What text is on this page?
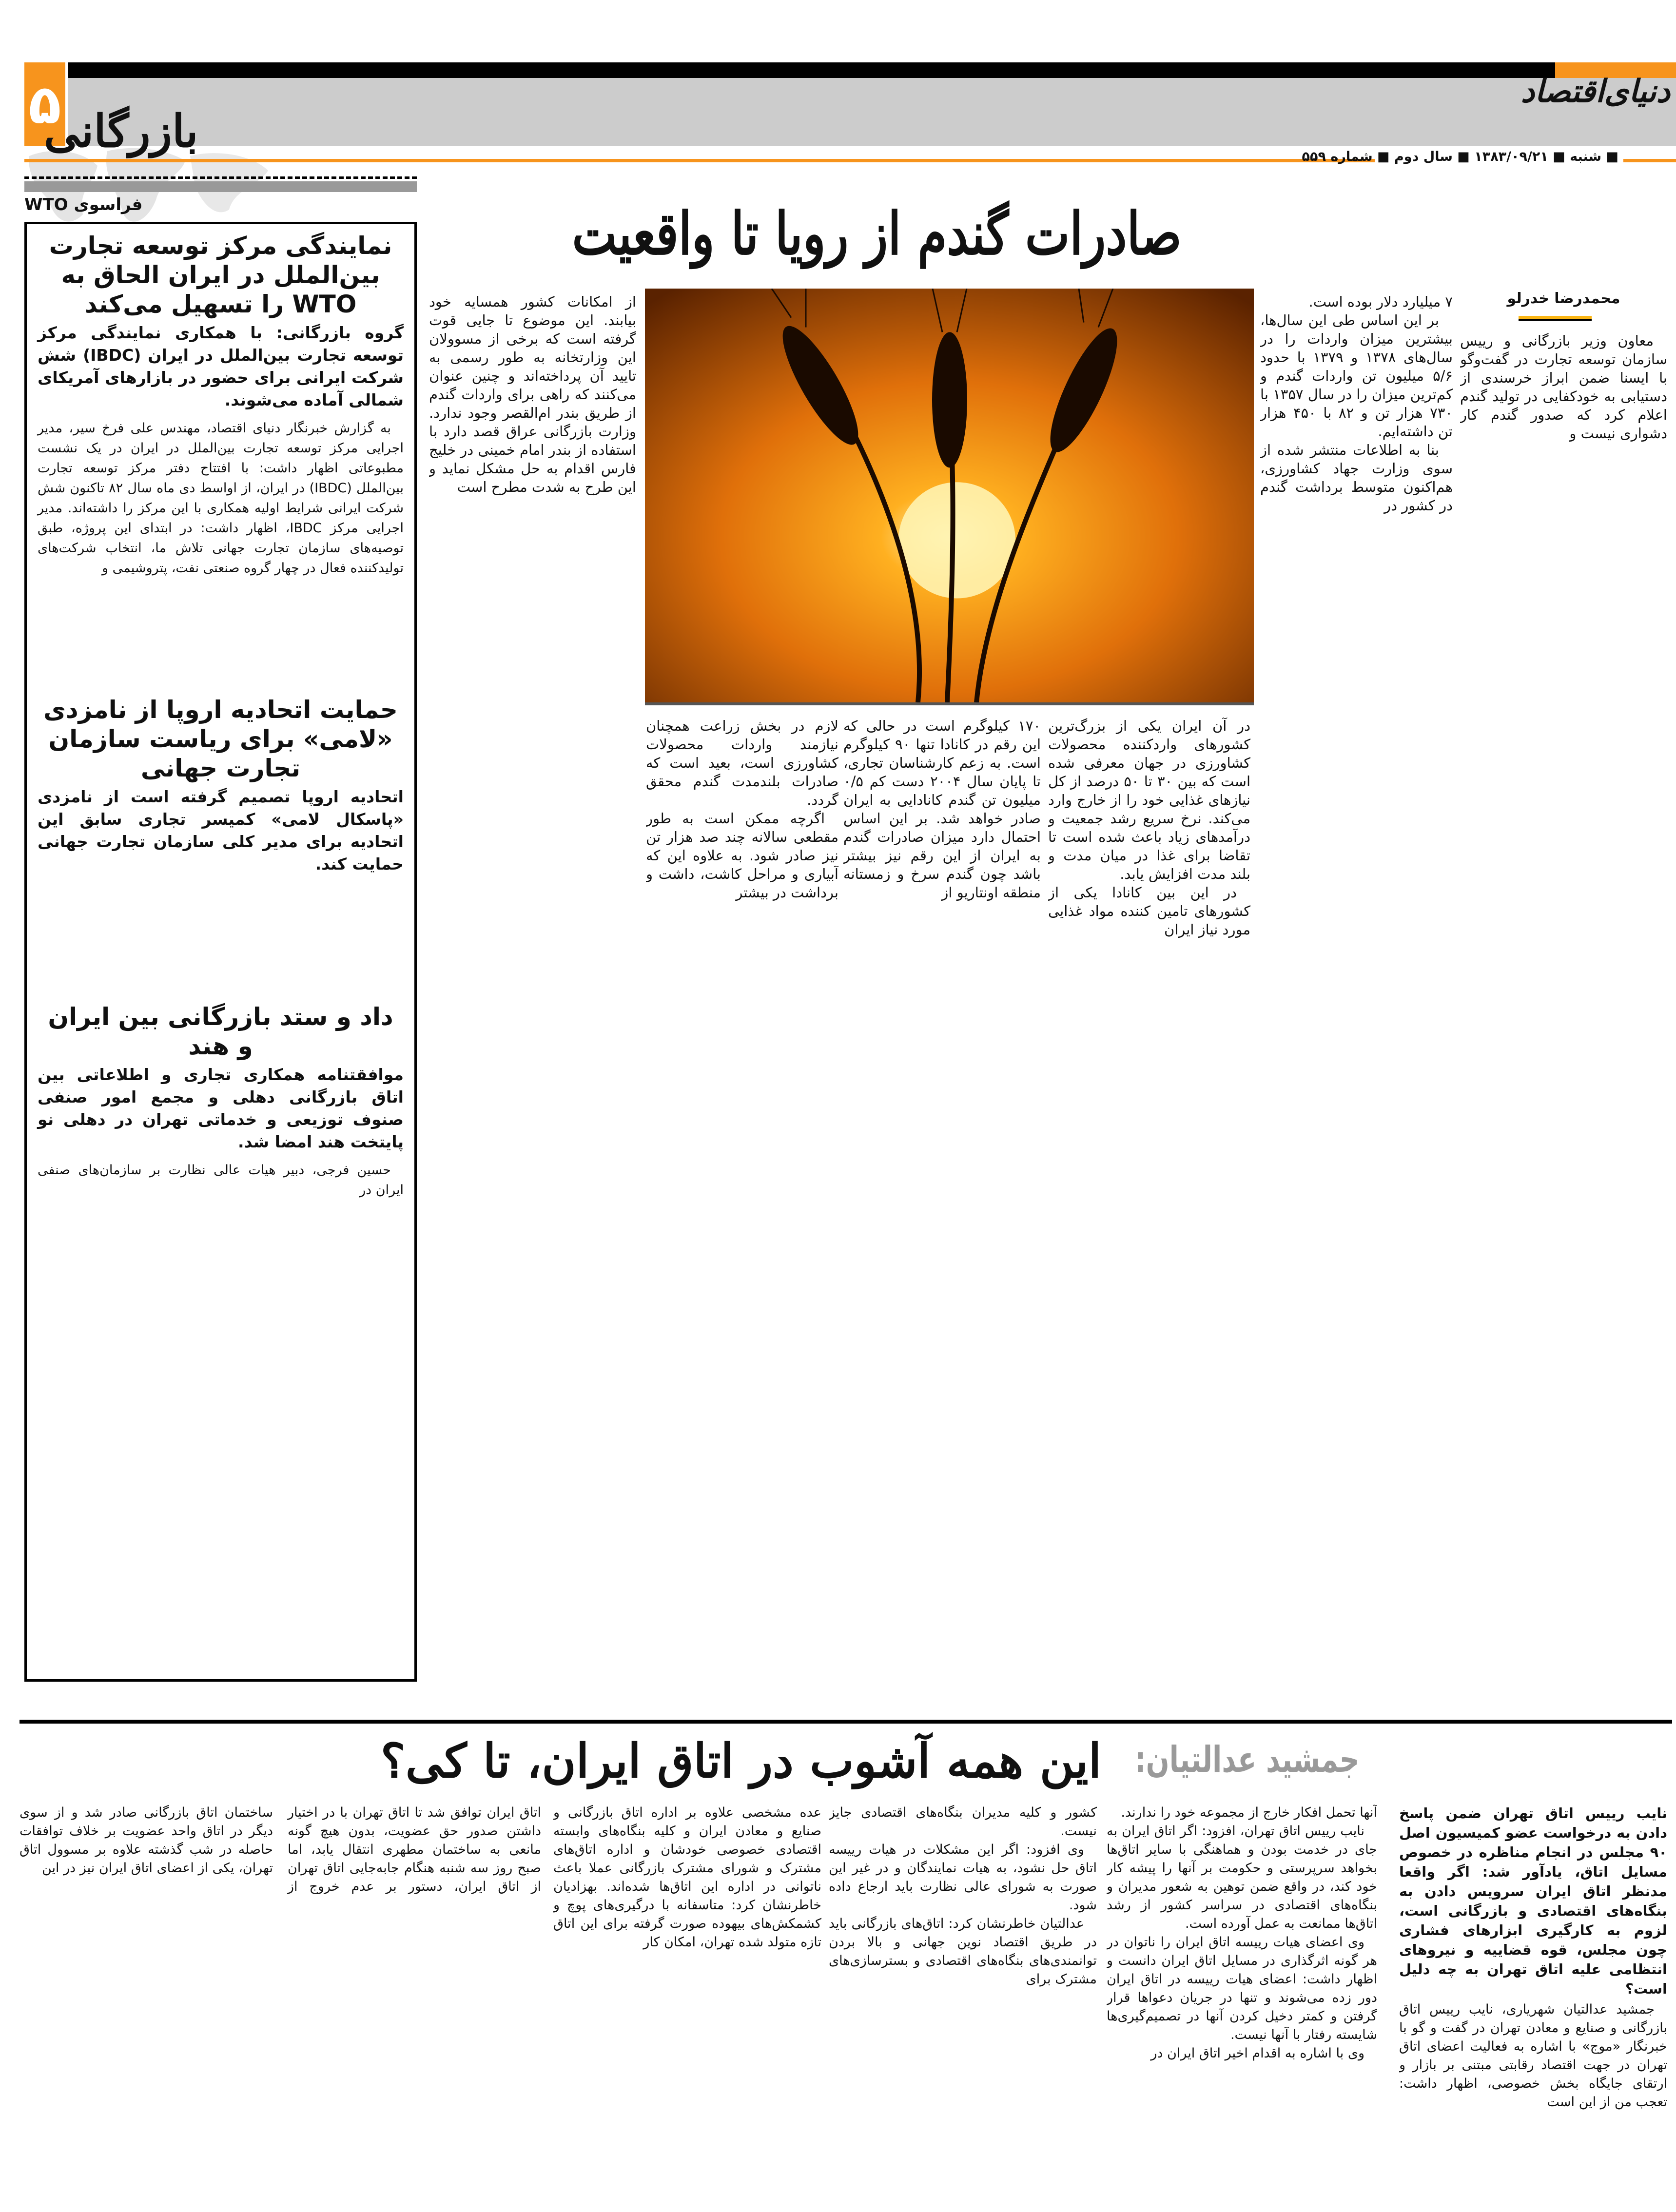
۵	دنیای‌اقتصاد
بازرگانی	■ شنبه ■ ۱۳۸۳/۰۹/۲۱ ■ سال دوم ■ شماره ۵۵۹
فراسوی WTO
نمایندگی مرکز توسعه تجارت بین‌الملل در ایران الحاق به WTO را تسهیل می‌کند
گروه بازرگانی: با همکاری نمایندگی مرکز توسعه تجارت بین‌الملل در ایران (IBDC) شش شرکت ایرانی برای حضور در بازارهای آمریکای شمالی آماده می‌شوند.
به گزارش خبرنگار دنیای اقتصاد، مهندس علی فرخ سیر، مدیر اجرایی مرکز توسعه تجارت بین‌الملل در ایران در یک نشست مطبوعاتی اظهار داشت: با افتتاح دفتر مرکز توسعه تجارت بین‌الملل (IBDC) در ایران، از اواسط دی ماه سال ۸۲ تاکنون شش شرکت ایرانی شرایط اولیه همکاری با این مرکز را داشته‌اند. مدیر اجرایی مرکز IBDC، اظهار داشت: در ابتدای این پروژه، طبق توصیه‌های سازمان تجارت جهانی تلاش ما، انتخاب شرکت‌های تولیدکننده فعال در چهار گروه صنعتی نفت، پتروشیمی و
حمایت اتحادیه اروپا از نامزدی «لامی» برای ریاست سازمان تجارت جهانی
اتحادیه اروپا تصمیم گرفته است از نامزدی «پاسکال لامی» کمیسر تجاری سابق این اتحادیه برای مدیر کلی سازمان تجارت جهانی حمایت کند.
داد و ستد بازرگانی بین ایران و هند
موافقتنامه همکاری تجاری و اطلاعاتی بین اتاق بازرگانی دهلی و مجمع امور صنفی صنوف توزیعی و خدماتی تهران در دهلی نو پایتخت هند امضا شد.
حسین فرجی، دبیر هیات عالی نظارت بر سازمان‌های صنفی ایران در
صادرات گندم از رویا تا واقعیت
محمدرضا خدرلو

معاون وزیر بازرگانی و رییس سازمان توسعه تجارت در گفت‌وگو با ایسنا ضمن ابراز خرسندی از دستیابی به خودکفایی در تولید گندم اعلام کرد که صدور گندم کار دشواری نیست و

۷ میلیارد دلار بوده است.

بر این اساس طی این سال‌ها، بیشترین میزان واردات را در سال‌های ۱۳۷۸ و ۱۳۷۹ با حدود ۵/۶ میلیون تن واردات گندم و کم‌ترین میزان را در سال ۱۳۵۷ با ۷۳۰ هزار تن و ۸۲ با ۴۵۰ هزار تن داشته‌ایم.

بنا به اطلاعات منتشر شده از سوی وزارت جهاد کشاورزی، هم‌اکنون متوسط برداشت گندم در کشور در

در آن ایران یکی از بزرگ‌ترین کشورهای واردکننده محصولات کشاورزی در جهان معرفی شده است که بین ۳۰ تا ۵۰ درصد از کل نیازهای غذایی خود را از خارج وارد می‌کند. نرخ سریع رشد جمعیت و درآمدهای زیاد باعث شده است تا تقاضا برای غذا در میان مدت و بلند مدت افزایش یابد.

در این بین کانادا یکی از کشورهای تامین کننده مواد غذایی مورد نیاز ایران

۱۷۰ کیلوگرم است در حالی که این رقم در کانادا تنها ۹۰ کیلوگرم است. به زعم کارشناسان تجاری، تا پایان سال ۲۰۰۴ دست کم ۰/۵ میلیون تن گندم کانادایی به ایران صادر خواهد شد. بر این اساس احتمال دارد میزان صادرات گندم به ایران از این رقم نیز بیشتر باشد چون گندم سرخ و زمستانه منطقه اونتاریو از

لازم در بخش زراعت همچنان نیازمند واردات محصولات کشاورزی است، بعید است که صادرات بلندمدت گندم محقق گردد.

اگرچه ممکن است به طور مقطعی سالانه چند صد هزار تن نیز صادر شود. به علاوه این که آبیاری و مراحل کاشت، داشت و برداشت در بیشتر

از امکانات کشور همسایه خود بیابند. این موضوع تا جایی قوت گرفته است که برخی از مسوولان این وزارتخانه به طور رسمی به تایید آن پرداخته‌اند و چنین عنوان می‌کنند که راهی برای واردات گندم از طریق بندر ام‌القصر وجود ندارد. وزارت بازرگانی عراق قصد دارد با استفاده از بندر امام خمینی در خلیج فارس اقدام به حل مشکل نماید و این طرح به شدت مطرح است

جمشید عدالتیان:
این همه آشوب در اتاق ایران، تا کی؟
نایب رییس اتاق تهران ضمن پاسخ دادن به درخواست عضو کمیسیون اصل ۹۰ مجلس در انجام مناظره در خصوص مسایل اتاق، یادآور شد: اگر واقعا مدنظر اتاق ایران سرویس دادن به بنگاه‌های اقتصادی و بازرگانی است، لزوم به کارگیری ابزارهای فشاری چون مجلس، قوه قضاییه و نیروهای انتظامی علیه اتاق تهران به چه دلیل است؟

جمشید عدالتیان شهریاری، نایب رییس اتاق بازرگانی و صنایع و معادن تهران در گفت و گو با خبرنگار «موج» با اشاره به فعالیت اعضای اتاق تهران در جهت اقتصاد رقابتی مبتنی بر بازار و ارتقای جایگاه بخش خصوصی، اظهار داشت: تعجب من از این است

آنها تحمل افکار خارج از مجموعه خود را ندارند.

نایب رییس اتاق تهران، افزود: اگر اتاق ایران به جای در خدمت بودن و هماهنگی با سایر اتاق‌ها بخواهد سرپرستی و حکومت بر آنها را پیشه کار خود کند، در واقع ضمن توهین به شعور مدیران و بنگاه‌های اقتصادی در سراسر کشور از رشد اتاق‌ها ممانعت به عمل آورده است.

وی اعضای هیات رییسه اتاق ایران را ناتوان در هر گونه اثرگذاری در مسایل اتاق ایران دانست و اظهار داشت: اعضای هیات رییسه در اتاق ایران دور زده می‌شوند و تنها در جریان دعواها قرار گرفتن و کمتر دخیل کردن آنها در تصمیم‌گیری‌ها شایسته رفتار با آنها نیست.

وی با اشاره به اقدام اخیر اتاق ایران در

کشور و کلیه مدیران بنگاه‌های اقتصادی جایز نیست.

وی افزود: اگر این مشکلات در هیات رییسه اتاق حل نشود، به هیات نمایندگان و در غیر این صورت به شورای عالی نظارت باید ارجاع داده شود.

عدالتیان خاطرنشان کرد: اتاق‌های بازرگانی باید در طریق اقتصاد نوین جهانی و بالا بردن توانمندی‌های بنگاه‌های اقتصادی و بسترسازی‌های مشترک برای

عده مشخصی علاوه بر اداره اتاق بازرگانی و صنایع و معادن ایران و کلیه بنگاه‌های وابسته اقتصادی خصوصی خودشان و اداره اتاق‌های مشترک و شورای مشترک بازرگانی عملا باعث ناتوانی در اداره این اتاق‌ها شده‌اند. بهزادیان خاطرنشان کرد: متاسفانه با درگیری‌های پوچ و کشمکش‌های بیهوده صورت گرفته برای این اتاق تازه متولد شده تهران، امکان کار

اتاق ایران توافق شد تا اتاق تهران با در اختیار داشتن صدور حق عضویت، بدون هیچ گونه مانعی به ساختمان مطهری انتقال یابد، اما صبح روز سه شنبه هنگام جابه‌جایی اتاق تهران از اتاق ایران، دستور بر عدم خروج از ساختمان اتاق بازرگانی صادر شد و از سوی دیگر در اتاق واحد عضویت بر خلاف توافقات حاصله در شب گذشته علاوه بر مسوول اتاق تهران، یکی از اعضای اتاق ایران نیز در این
